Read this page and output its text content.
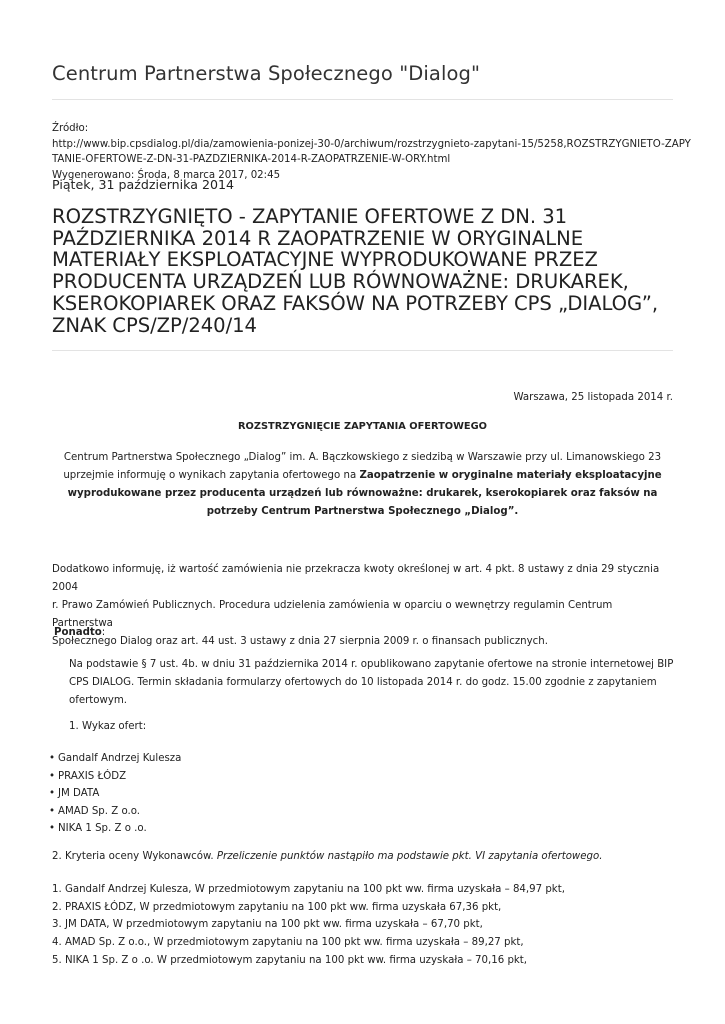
Centrum Partnerstwa Społecznego "Dialog"
Źródło:
http://www.bip.cpsdialog.pl/dia/zamowienia-ponizej-30-0/archiwum/rozstrzygnieto-zapytani-15/5258,ROZSTRZYGNIETO-ZAPY
TANIE-OFERTOWE-Z-DN-31-PAZDZIERNIKA-2014-R-ZAOPATRZENIE-W-ORY.html
Wygenerowano: Środa, 8 marca 2017, 02:45
Piątek, 31 października 2014
ROZSTRZYGNIĘTO - ZAPYTANIE OFERTOWE Z DN. 31 PAŹDZIERNIKA 2014 R ZAOPATRZENIE W ORYGINALNE MATERIAŁY EKSPLOATACYJNE WYPRODUKOWANE PRZEZ PRODUCENTA URZĄDZEŃ LUB RÓWNOWAŻNE: DRUKAREK, KSEROKOPIAREK ORAZ FAKSÓW NA POTRZEBY CPS „DIALOG”, ZNAK CPS/ZP/240/14
Warszawa, 25 listopada 2014 r.
ROZSTRZYGNIĘCIE ZAPYTANIA OFERTOWEGO
Centrum Partnerstwa Społecznego „Dialog” im. A. Bączkowskiego z siedzibą w Warszawie przy ul. Limanowskiego 23
uprzejmie informuję o wynikach zapytania ofertowego na Zaopatrzenie w oryginalne materiały eksploatacyjne
wyprodukowane przez producenta urządzeń lub równoważne: drukarek, kserokopiarek oraz faksów na
potrzeby Centrum Partnerstwa Społecznego „Dialog”.
Dodatkowo informuję, iż wartość zamówienia nie przekracza kwoty określonej w art. 4 pkt. 8 ustawy z dnia 29 stycznia 2004
r. Prawo Zamówień Publicznych. Procedura udzielenia zamówienia w oparciu o wewnętrzy regulamin Centrum Partnerstwa
Społecznego Dialog oraz art. 44 ust. 3 ustawy z dnia 27 sierpnia 2009 r. o finansach publicznych.
Ponadto:
Na podstawie § 7 ust. 4b. w dniu 31 października 2014 r. opublikowano zapytanie ofertowe na stronie internetowej BIP
CPS DIALOG. Termin składania formularzy ofertowych do 10 listopada 2014 r. do godz. 15.00 zgodnie z zapytaniem
ofertowym.
1. Wykaz ofert:
• Gandalf Andrzej Kulesza
• PRAXIS ŁÓDZ
• JM DATA
• AMAD Sp. Z o.o.
• NIKA 1 Sp. Z o .o.
2. Kryteria oceny Wykonawców. Przeliczenie punktów nastąpiło ma podstawie pkt. VI zapytania ofertowego.
1. Gandalf Andrzej Kulesza, W przedmiotowym zapytaniu na 100 pkt ww. firma uzyskała – 84,97 pkt,
2. PRAXIS ŁÓDZ, W przedmiotowym zapytaniu na 100 pkt ww. firma uzyskała 67,36 pkt,
3. JM DATA, W przedmiotowym zapytaniu na 100 pkt ww. firma uzyskała – 67,70 pkt,
4. AMAD Sp. Z o.o., W przedmiotowym zapytaniu na 100 pkt ww. firma uzyskała – 89,27 pkt,
5. NIKA 1 Sp. Z o .o. W przedmiotowym zapytaniu na 100 pkt ww. firma uzyskała – 70,16 pkt,
